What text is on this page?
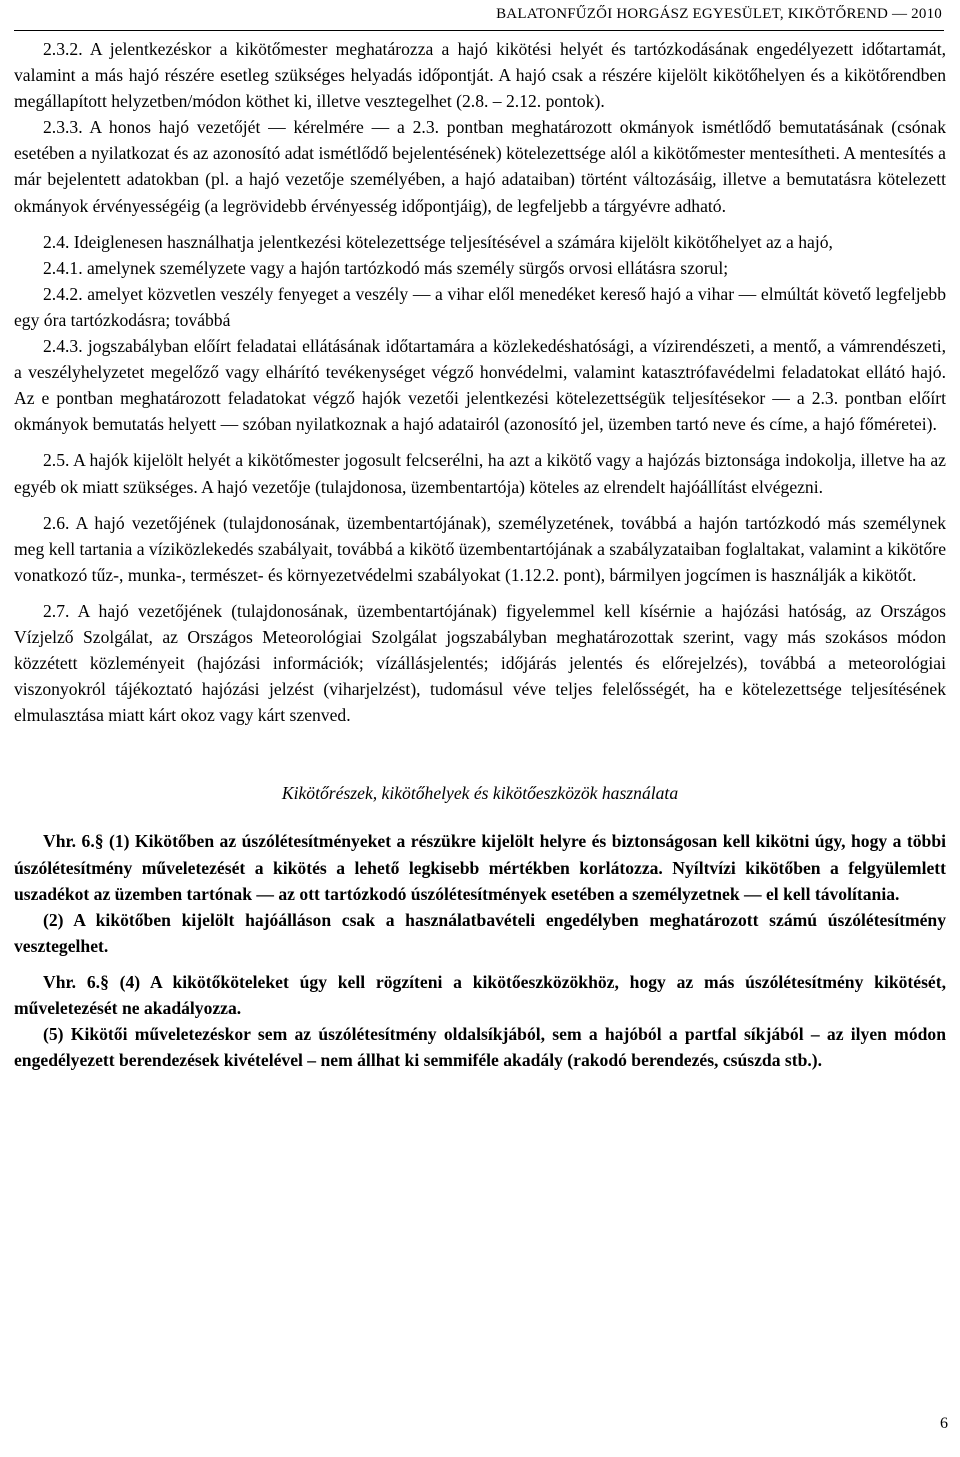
BALATONFŰZŐI HORGÁSZ EGYESÜLET, KIKÖTŐREND — 2010

2.3.2. A jelentkezéskor a kikötőmester meghatározza a hajó kikötési helyét és tartózkodásának engedélyezett időtartamát, valamint a más hajó részére esetleg szükséges helyadás időpontját. A hajó csak a részére kijelölt kikötőhelyen és a kikötőrendben megállapított helyzetben/módon köthet ki, illetve vesztegelhet (2.8. – 2.12. pontok).

2.3.3. A honos hajó vezetőjét — kérelmére — a 2.3. pontban meghatározott okmányok ismétlődő bemutatásának (csónak esetében a nyilatkozat és az azonosító adat ismétlődő bejelentésének) kötelezettsége alól a kikötőmester mentesítheti. A mentesítés a már bejelentett adatokban (pl. a hajó vezetője személyében, a hajó adataiban) történt változásáig, illetve a bemutatásra kötelezett okmányok érvényességéig (a legrövidebb érvényesség időpontjáig), de legfeljebb a tárgyévre adható.

2.4. Ideiglenesen használhatja jelentkezési kötelezettsége teljesítésével a számára kijelölt kikötőhelyet az a hajó,

2.4.1. amelynek személyzete vagy a hajón tartózkodó más személy sürgős orvosi ellátásra szorul;

2.4.2. amelyet közvetlen veszély fenyeget a veszély — a vihar elől menedéket kereső hajó a vihar — elmúltát követő legfeljebb egy óra tartózkodásra; továbbá

2.4.3. jogszabályban előírt feladatai ellátásának időtartamára a közlekedéshatósági, a vízirendészeti, a mentő, a vámrendészeti, a veszélyhelyzetet megelőző vagy elhárító tevékenységet végző honvédelmi, valamint katasztrófavédelmi feladatokat ellátó hajó. Az e pontban meghatározott feladatokat végző hajók vezetői jelentkezési kötelezettségük teljesítésekor — a 2.3. pontban előírt okmányok bemutatás helyett — szóban nyilatkoznak a hajó adatairól (azonosító jel, üzemben tartó neve és címe, a hajó főméretei).

2.5. A hajók kijelölt helyét a kikötőmester jogosult felcserélni, ha azt a kikötő vagy a hajózás biztonsága indokolja, illetve ha az egyéb ok miatt szükséges. A hajó vezetője (tulajdonosa, üzembentartója) köteles az elrendelt hajóállítást elvégezni.

2.6. A hajó vezetőjének (tulajdonosának, üzembentartójának), személyzetének, továbbá a hajón tartózkodó más személynek meg kell tartania a víziközlekedés szabályait, továbbá a kikötő üzembentartójának a szabályzataiban foglaltakat, valamint a kikötőre vonatkozó tűz-, munka-, természet- és környezetvédelmi szabályokat (1.12.2. pont), bármilyen jogcímen is használják a kikötőt.

2.7. A hajó vezetőjének (tulajdonosának, üzembentartójának) figyelemmel kell kísérnie a hajózási hatóság, az Országos Vízjelző Szolgálat, az Országos Meteorológiai Szolgálat jogszabályban meghatározottak szerint, vagy más szokásos módon közzétett közleményeit (hajózási információk; vízállásjelentés; időjárás jelentés és előrejelzés), továbbá a meteorológiai viszonyokról tájékoztató hajózási jelzést (viharjelzést), tudomásul véve teljes felelősségét, ha e kötelezettsége teljesítésének elmulasztása miatt kárt okoz vagy kárt szenved.

Kikötőrészek, kikötőhelyek és kikötőeszközök használata

Vhr. 6.§ (1) Kikötőben az úszólétesítményeket a részükre kijelölt helyre és biztonságosan kell kikötni úgy, hogy a többi úszólétesítmény műveletezését a kikötés a lehető legkisebb mértékben korlátozza. Nyíltvízi kikötőben a felgyülemlett uszadékot az üzemben tartónak — az ott tartózkodó úszólétesítmények esetében a személyzetnek — el kell távolítania.

(2) A kikötőben kijelölt hajóálláson csak a használatbavételi engedélyben meghatározott számú úszólétesítmény vesztegelhet.

Vhr. 6.§ (4) A kikötőköteleket úgy kell rögzíteni a kikötőeszközökhöz, hogy az más úszólétesítmény kikötését, műveletezését ne akadályozza.

(5) Kikötői műveletezéskor sem az úszólétesítmény oldalsíkjából, sem a hajóból a partfal síkjából – az ilyen módon engedélyezett berendezések kivételével – nem állhat ki semmiféle akadály (rakodó berendezés, csúszda stb.).

6
